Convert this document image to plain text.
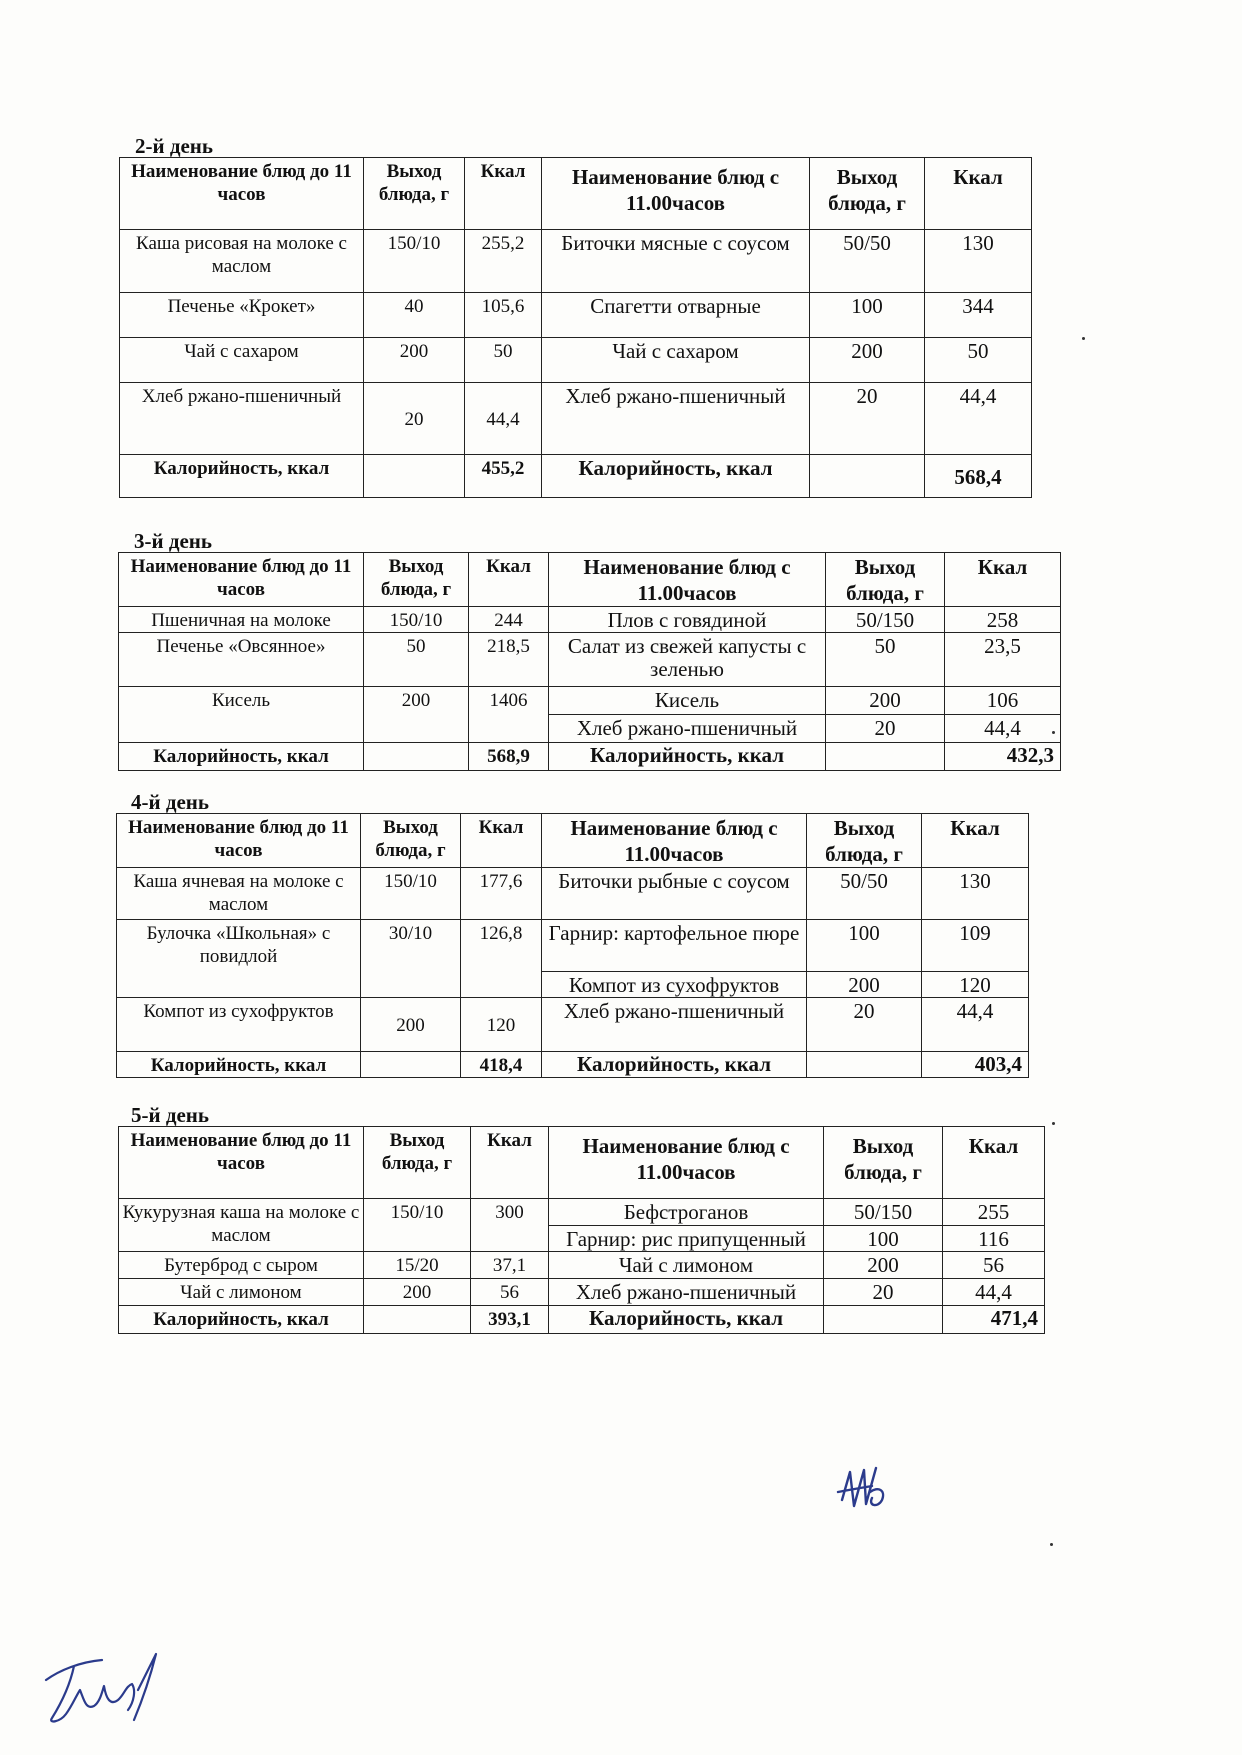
2-й день
Наименование блюд до 11 часов	Выход блюда, г	Ккал	Наименование блюд с 11.00часов	Выход блюда, г	Ккал
Каша рисовая на молоке с маслом	150/10	255,2	Биточки мясные с соусом	50/50	130
Печенье «Крокет»	40	105,6	Спагетти отварные	100	344
Чай с сахаром	200	50	Чай с сахаром	200	50
Хлеб ржано-пшеничный	20	44,4	Хлеб ржано-пшеничный	20	44,4
Калорийность, ккал		455,2	Калорийность, ккал		568,4
3-й день
Наименование блюд до 11 часов	Выход блюда, г	Ккал	Наименование блюд с 11.00часов	Выход блюда, г	Ккал
Пшеничная на молоке	150/10	244	Плов с говядиной	50/150	258
Печенье «Овсянное»	50	218,5	Салат из свежей капусты с зеленью	50	23,5
Кисель	200	1406	Кисель	200	106
			Хлеб ржано-пшеничный	20	44,4
Калорийность, ккал		568,9	Калорийность, ккал		432,3
4-й день
Наименование блюд до 11 часов	Выход блюда, г	Ккал	Наименование блюд с 11.00часов	Выход блюда, г	Ккал
Каша ячневая на молоке с маслом	150/10	177,6	Биточки рыбные с соусом	50/50	130
Булочка «Школьная» с повидлой	30/10	126,8	Гарнир: картофельное пюре	100	109
			Компот из сухофруктов	200	120
Компот из сухофруктов	200	120	Хлеб ржано-пшеничный	20	44,4
Калорийность, ккал		418,4	Калорийность, ккал		403,4
5-й день
Наименование блюд до 11 часов	Выход блюда, г	Ккал	Наименование блюд с 11.00часов	Выход блюда, г	Ккал
Кукурузная каша на молоке с маслом	150/10	300	Бефстроганов	50/150	255
			Гарнир: рис припущенный	100	116
Бутерброд с сыром	15/20	37,1	Чай с лимоном	200	56
Чай с лимоном	200	56	Хлеб ржано-пшеничный	20	44,4
Калорийность, ккал		393,1	Калорийность, ккал		471,4
